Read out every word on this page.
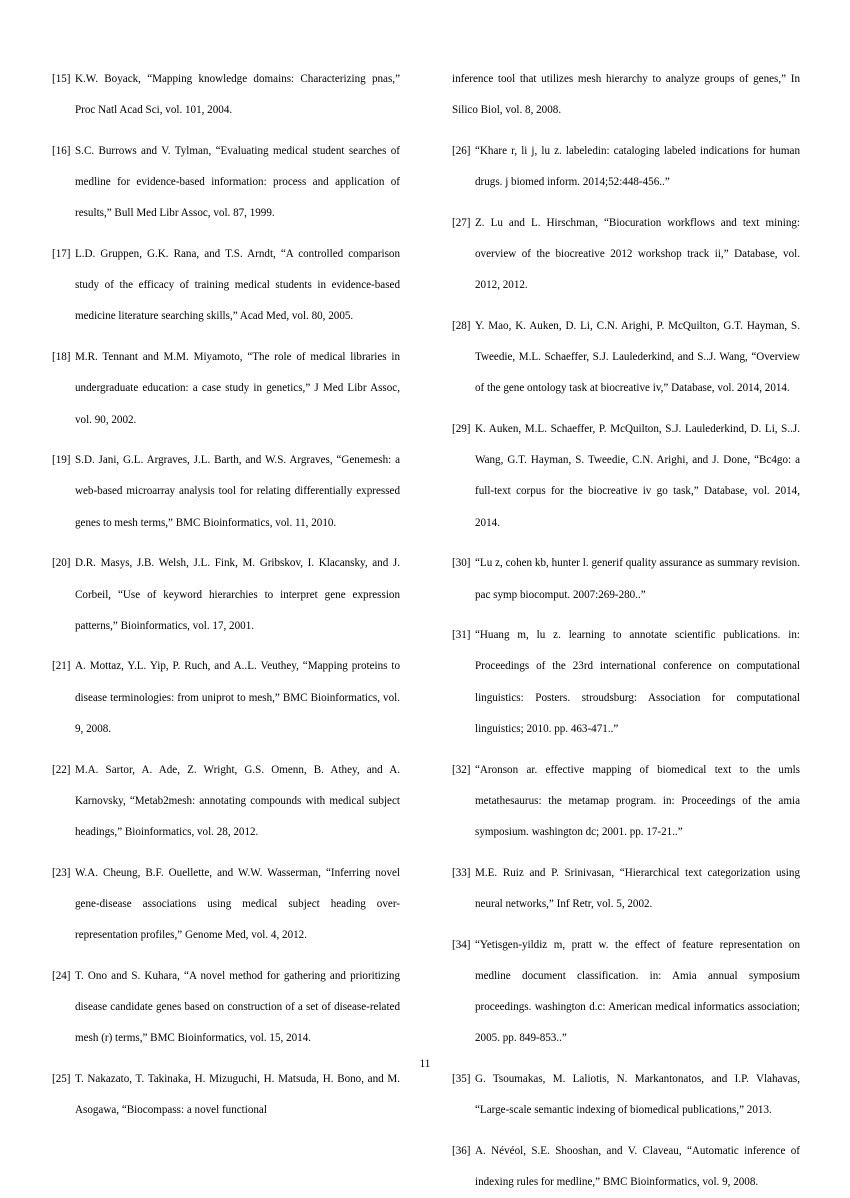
[15] K.W. Boyack, “Mapping knowledge domains: Characterizing pnas,” Proc Natl Acad Sci, vol. 101, 2004.

[16] S.C. Burrows and V. Tylman, “Evaluating medical student searches of medline for evidence-based information: process and application of results,” Bull Med Libr Assoc, vol. 87, 1999.

[17] L.D. Gruppen, G.K. Rana, and T.S. Arndt, “A controlled comparison study of the efficacy of training medical students in evidence-based medicine literature searching skills,” Acad Med, vol. 80, 2005.

[18] M.R. Tennant and M.M. Miyamoto, “The role of medical libraries in undergraduate education: a case study in genetics,” J Med Libr Assoc, vol. 90, 2002.

[19] S.D. Jani, G.L. Argraves, J.L. Barth, and W.S. Argraves, “Genemesh: a web-based microarray analysis tool for relating differentially expressed genes to mesh terms,” BMC Bioinformatics, vol. 11, 2010.

[20] D.R. Masys, J.B. Welsh, J.L. Fink, M. Gribskov, I. Klacansky, and J. Corbeil, “Use of keyword hierarchies to interpret gene expression patterns,” Bioinformatics, vol. 17, 2001.

[21] A. Mottaz, Y.L. Yip, P. Ruch, and A..L. Veuthey, “Mapping proteins to disease terminologies: from uniprot to mesh,” BMC Bioinformatics, vol. 9, 2008.

[22] M.A. Sartor, A. Ade, Z. Wright, G.S. Omenn, B. Athey, and A. Karnovsky, “Metab2mesh: annotating compounds with medical subject headings,” Bioinformatics, vol. 28, 2012.

[23] W.A. Cheung, B.F. Ouellette, and W.W. Wasserman, “Inferring novel gene-disease associations using medical subject heading over-representation profiles,” Genome Med, vol. 4, 2012.

[24] T. Ono and S. Kuhara, “A novel method for gathering and prioritizing disease candidate genes based on construction of a set of disease-related mesh (r) terms,” BMC Bioinformatics, vol. 15, 2014.

[25] T. Nakazato, T. Takinaka, H. Mizuguchi, H. Matsuda, H. Bono, and M. Asogawa, “Biocompass: a novel functional

inference tool that utilizes mesh hierarchy to analyze groups of genes,” In Silico Biol, vol. 8, 2008.

[26] “Khare r, li j, lu z. labeledin: cataloging labeled indications for human drugs. j biomed inform. 2014;52:448-456..”

[27] Z. Lu and L. Hirschman, “Biocuration workflows and text mining: overview of the biocreative 2012 workshop track ii,” Database, vol. 2012, 2012.

[28] Y. Mao, K. Auken, D. Li, C.N. Arighi, P. McQuilton, G.T. Hayman, S. Tweedie, M.L. Schaeffer, S.J. Laulederkind, and S..J. Wang, “Overview of the gene ontology task at biocreative iv,” Database, vol. 2014, 2014.

[29] K. Auken, M.L. Schaeffer, P. McQuilton, S.J. Laulederkind, D. Li, S..J. Wang, G.T. Hayman, S. Tweedie, C.N. Arighi, and J. Done, “Bc4go: a full-text corpus for the biocreative iv go task,” Database, vol. 2014, 2014.

[30] “Lu z, cohen kb, hunter l. generif quality assurance as summary revision. pac symp biocomput. 2007:269-280..”

[31] “Huang m, lu z. learning to annotate scientific publications. in: Proceedings of the 23rd international conference on computational linguistics: Posters. stroudsburg: Association for computational linguistics; 2010. pp. 463-471..”

[32] “Aronson ar. effective mapping of biomedical text to the umls metathesaurus: the metamap program. in: Proceedings of the amia symposium. washington dc; 2001. pp. 17-21..”

[33] M.E. Ruiz and P. Srinivasan, “Hierarchical text categorization using neural networks,” Inf Retr, vol. 5, 2002.

[34] “Yetisgen-yildiz m, pratt w. the effect of feature representation on medline document classification. in: Amia annual symposium proceedings. washington d.c: American medical informatics association; 2005. pp. 849-853..”

[35] G. Tsoumakas, M. Laliotis, N. Markantonatos, and I.P. Vlahavas, “Large-scale semantic indexing of biomedical publications,” 2013.

[36] A. Névéol, S.E. Shooshan, and V. Claveau, “Automatic inference of indexing rules for medline,” BMC Bioinformatics, vol. 9, 2008.

11
